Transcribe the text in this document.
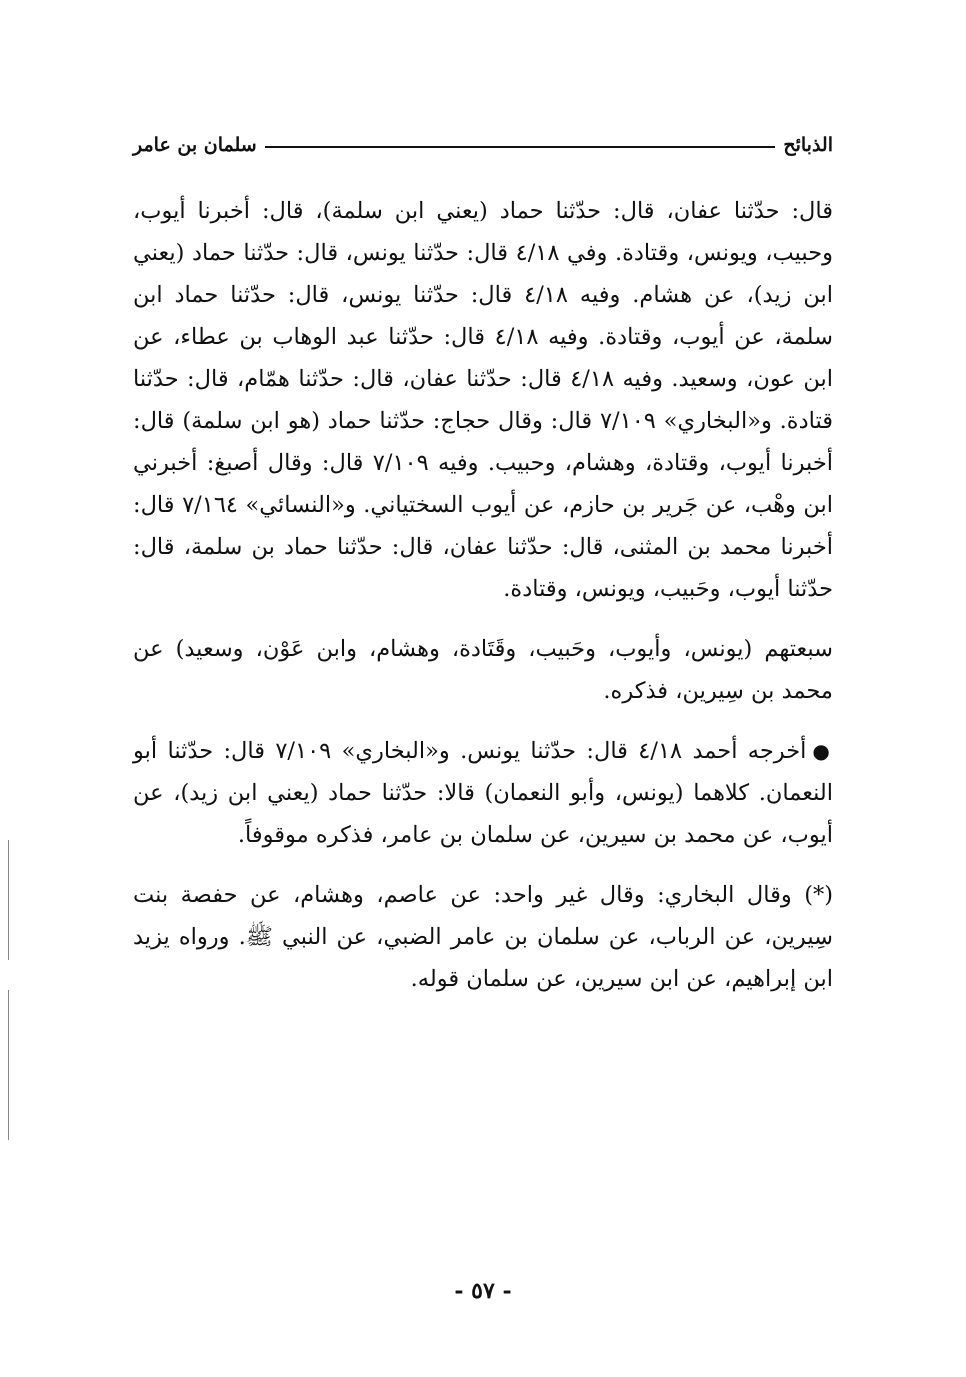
الذبائح
سلمان بن عامر

قال: حدّثنا عفان، قال: حدّثنا حماد (يعني ابن سلمة)، قال: أخبرنا أيوب، وحبيب، ويونس، وقتادة. وفي ٤/١٨ قال: حدّثنا يونس، قال: حدّثنا حماد (يعني ابن زيد)، عن هشام. وفيه ٤/١٨ قال: حدّثنا يونس، قال: حدّثنا حماد ابن سلمة، عن أيوب، وقتادة. وفيه ٤/١٨ قال: حدّثنا عبد الوهاب بن عطاء، عن ابن عون، وسعيد. وفيه ٤/١٨ قال: حدّثنا عفان، قال: حدّثنا همّام، قال: حدّثنا قتادة. و«البخاري» ٧/١٠٩ قال: وقال حجاج: حدّثنا حماد (هو ابن سلمة) قال: أخبرنا أيوب، وقتادة، وهشام، وحبيب. وفيه ٧/١٠٩ قال: وقال أصبغ: أخبرني ابن وهْب، عن جَرير بن حازم، عن أيوب السختياني. و«النسائي» ٧/١٦٤ قال: أخبرنا محمد بن المثنى، قال: حدّثنا عفان، قال: حدّثنا حماد بن سلمة، قال: حدّثنا أيوب، وحَبيب، ويونس، وقتادة.

سبعتهم (يونس، وأيوب، وحَبيب، وقَتَادة، وهشام، وابن عَوْن، وسعيد) عن محمد بن سِيرين، فذكره.

●أخرجه أحمد ٤/١٨ قال: حدّثنا يونس. و«البخاري» ٧/١٠٩ قال: حدّثنا أبو النعمان. كلاهما (يونس، وأبو النعمان) قالا: حدّثنا حماد (يعني ابن زيد)، عن أيوب، عن محمد بن سيرين، عن سلمان بن عامر، فذكره موقوفاً.

(*) وقال البخاري: وقال غير واحد: عن عاصم، وهشام، عن حفصة بنت سِيرين، عن الرباب، عن سلمان بن عامر الضبي، عن النبي ﷺ. ورواه يزيد ابن إبراهيم، عن ابن سيرين، عن سلمان قوله.

- ٥٧ -
